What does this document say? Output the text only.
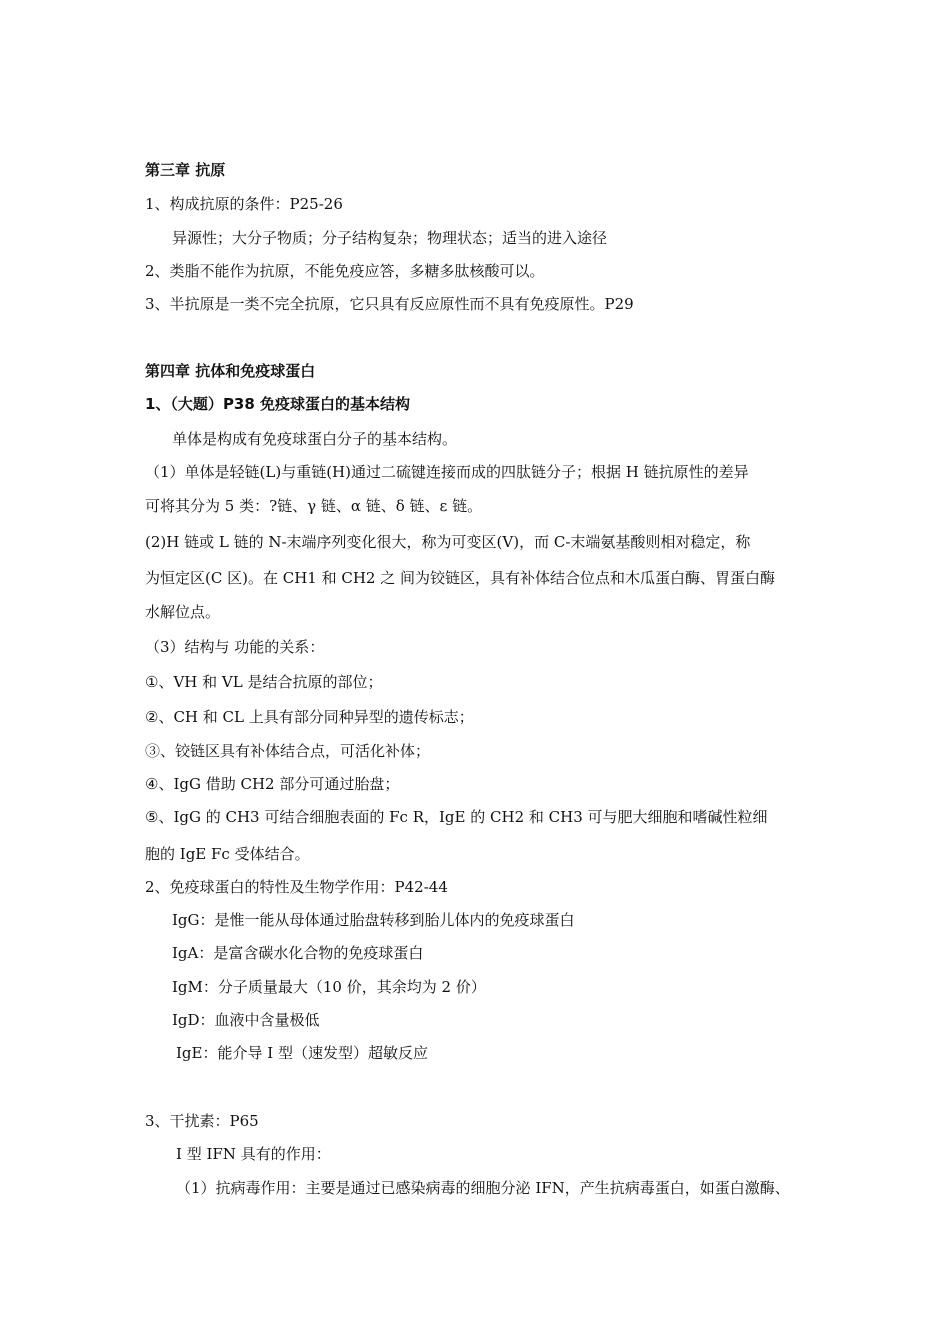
第三章 抗原
1、构成抗原的条件：P25-26
异源性；大分子物质；分子结构复杂；物理状态；适当的进入途径
2、类脂不能作为抗原，不能免疫应答，多糖多肽核酸可以。
3、半抗原是一类不完全抗原，它只具有反应原性而不具有免疫原性。P29
第四章 抗体和免疫球蛋白
1、（大题）P38 免疫球蛋白的基本结构
单体是构成有免疫球蛋白分子的基本结构。
（1）单体是轻链(L)与重链(H)通过二硫键连接而成的四肽链分子；根据 H 链抗原性的差异
可将其分为 5 类：?链、γ 链、α 链、δ 链、ε 链。
(2)H 链或 L 链的 N-末端序列变化很大，称为可变区(V)，而 C-末端氨基酸则相对稳定，称
为恒定区(C 区)。在 CH1 和 CH2 之 间为铰链区，具有补体结合位点和木瓜蛋白酶、胃蛋白酶
水解位点。
（3）结构与 功能的关系：
①、VH 和 VL 是结合抗原的部位；
②、CH 和 CL 上具有部分同种异型的遗传标志；
③、铰链区具有补体结合点，可活化补体；
④、IgG 借助 CH2 部分可通过胎盘；
⑤、IgG 的 CH3 可结合细胞表面的 Fc R，IgE 的 CH2 和 CH3 可与肥大细胞和嗜碱性粒细
胞的 IgE Fc 受体结合。
2、免疫球蛋白的特性及生物学作用：P42-44
IgG：是惟一能从母体通过胎盘转移到胎儿体内的免疫球蛋白
IgA：是富含碳水化合物的免疫球蛋白
IgM：分子质量最大（10 价，其余均为 2 价）
IgD：血液中含量极低
IgE：能介导 I 型（速发型）超敏反应
3、干扰素：P65
I 型 IFN 具有的作用：
（1）抗病毒作用：主要是通过已感染病毒的细胞分泌 IFN，产生抗病毒蛋白，如蛋白激酶、
